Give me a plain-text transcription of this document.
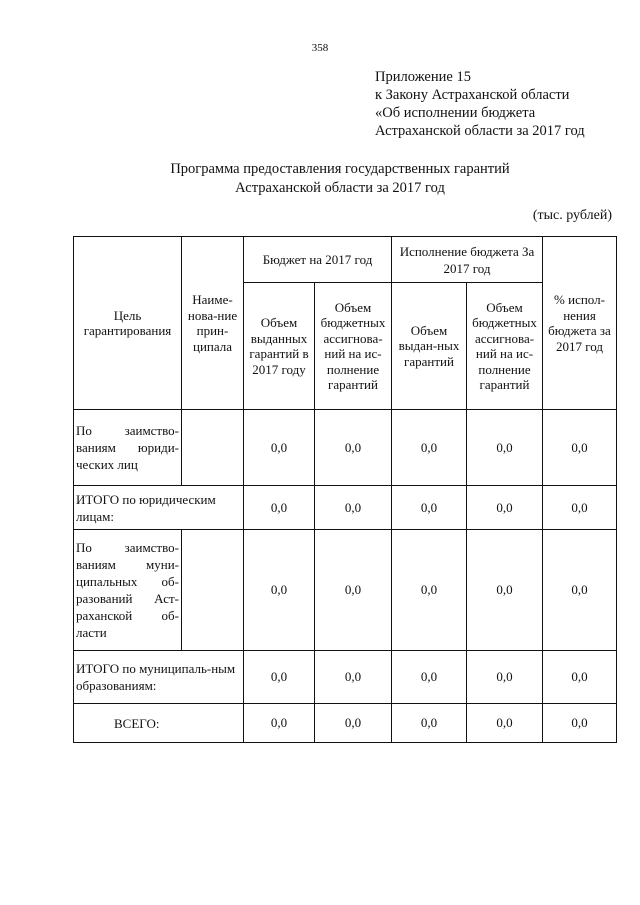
358
Приложение 15
к Закону Астраханской области
«Об исполнении бюджета
Астраханской области за 2017 год
Программа предоставления государственных гарантий
Астраханской области за 2017 год
(тыс. рублей)
Цель гарантирования	Наиме-нова-ние прин-ципала	Бюджет на 2017 год		Исполнение бюджета За 2017 год		% испол-нения бюджета за 2017 год
		Объем выданных гарантий в 2017 году	Объем бюджетных ассигнова-ний на ис-полнение гарантий	Объем выдан-ных гарантий	Объем бюджетных ассигнова-ний на ис-полнение гарантий	
По заимство-ваниям юриди-ческих лиц		0,0	0,0	0,0	0,0	0,0
ИТОГО по юридическим лицам:		0,0	0,0	0,0	0,0	0,0
По заимство-ваниям муни-ципальных об-разований Аст-раханской об-ласти		0,0	0,0	0,0	0,0	0,0
ИТОГО по муниципаль-ным образованиям:		0,0	0,0	0,0	0,0	0,0
ВСЕГО:		0,0	0,0	0,0	0,0	0,0
